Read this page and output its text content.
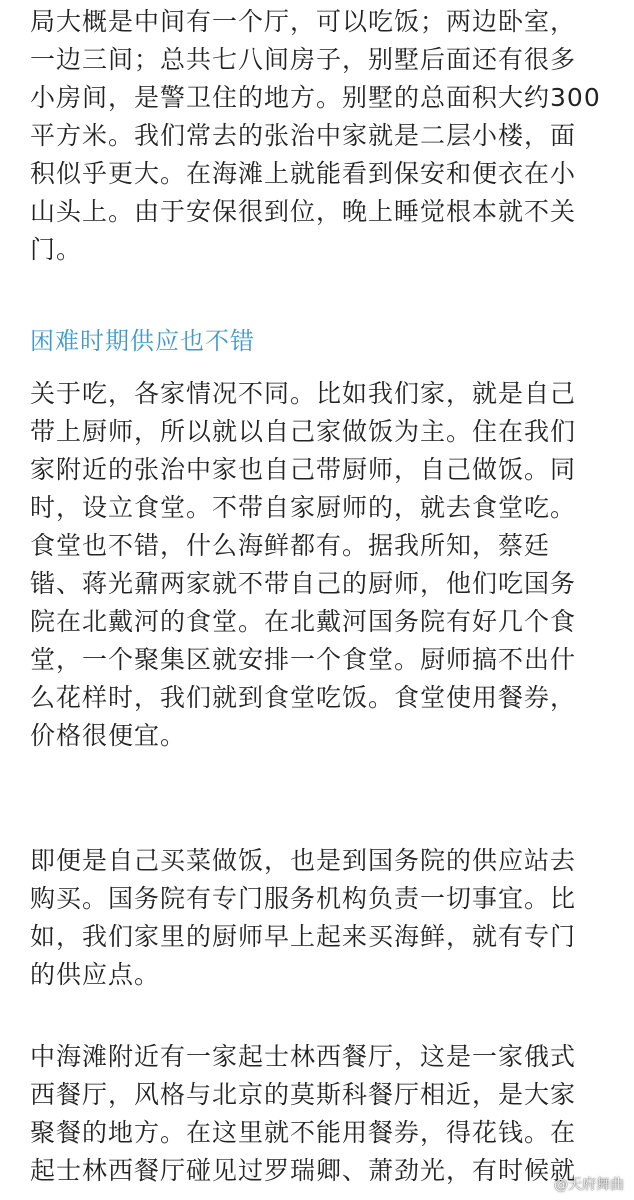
局大概是中间有一个厅，可以吃饭；两边卧室，
一边三间；总共七八间房子，别墅后面还有很多
小房间，是警卫住的地方。别墅的总面积大约300
平方米。我们常去的张治中家就是二层小楼，面
积似乎更大。在海滩上就能看到保安和便衣在小
山头上。由于安保很到位，晚上睡觉根本就不关
门。

困难时期供应也不错

关于吃，各家情况不同。比如我们家，就是自己
带上厨师，所以就以自己家做饭为主。住在我们
家附近的张治中家也自己带厨师，自己做饭。同
时，设立食堂。不带自家厨师的，就去食堂吃。
食堂也不错，什么海鲜都有。据我所知，蔡廷
锴、蒋光鼐两家就不带自己的厨师，他们吃国务
院在北戴河的食堂。在北戴河国务院有好几个食
堂，一个聚集区就安排一个食堂。厨师搞不出什
么花样时，我们就到食堂吃饭。食堂使用餐券，
价格很便宜。

即便是自己买菜做饭，也是到国务院的供应站去
购买。国务院有专门服务机构负责一切事宜。比
如，我们家里的厨师早上起来买海鲜，就有专门
的供应点。

中海滩附近有一家起士林西餐厅，这是一家俄式
西餐厅，风格与北京的莫斯科餐厅相近，是大家
聚餐的地方。在这里就不能用餐券，得花钱。在
起士林西餐厅碰见过罗瑞卿、萧劲光，有时候就

@天府舞曲
